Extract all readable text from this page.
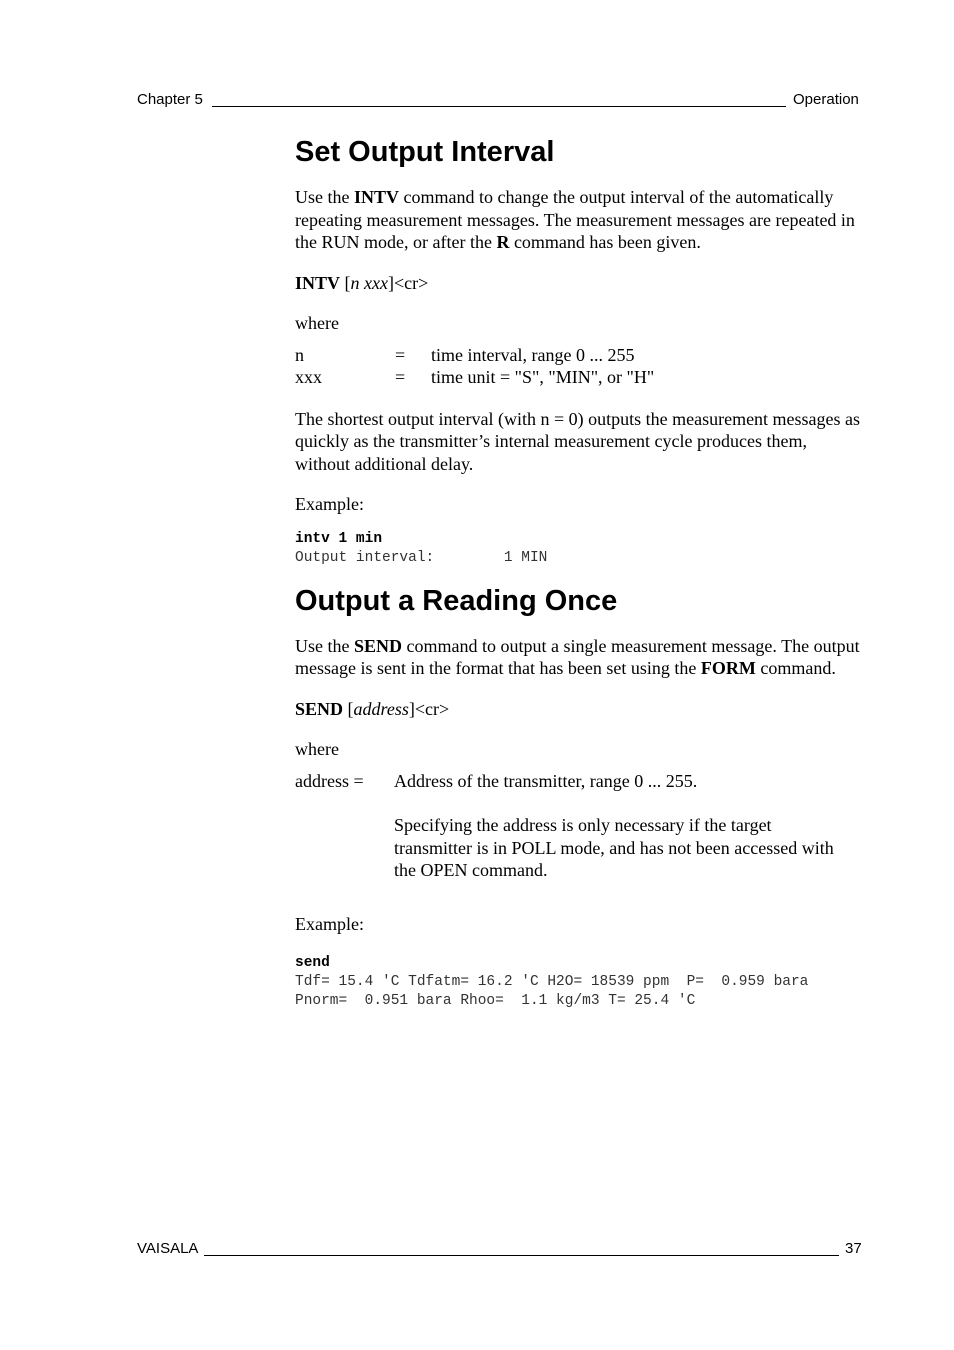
Chapter 5	Operation
Set Output Interval

Use the INTV command to change the output interval of the automatically repeating measurement messages. The measurement messages are repeated in the RUN mode, or after the R command has been given.

INTV [n xxx]<cr>

where

n	=	time interval, range 0 ... 255
xxx	=	time unit = "S", "MIN", or "H"

The shortest output interval (with n = 0) outputs the measurement messages as quickly as the transmitter’s internal measurement cycle produces them, without additional delay.

Example:

intv 1 min
Output interval:        1 MIN
Output a Reading Once

Use the SEND command to output a single measurement message. The output message is sent in the format that has been set using the FORM command.

SEND [address]<cr>

where

address =	Address of the transmitter, range 0 ... 255.

Specifying the address is only necessary if the target transmitter is in POLL mode, and has not been accessed with the OPEN command.

Example:

send
Tdf= 15.4 'C Tdfatm= 16.2 'C H2O= 18539 ppm  P=  0.959 bara
Pnorm=  0.951 bara Rhoo=  1.1 kg/m3 T= 25.4 'C
VAISALA	37
